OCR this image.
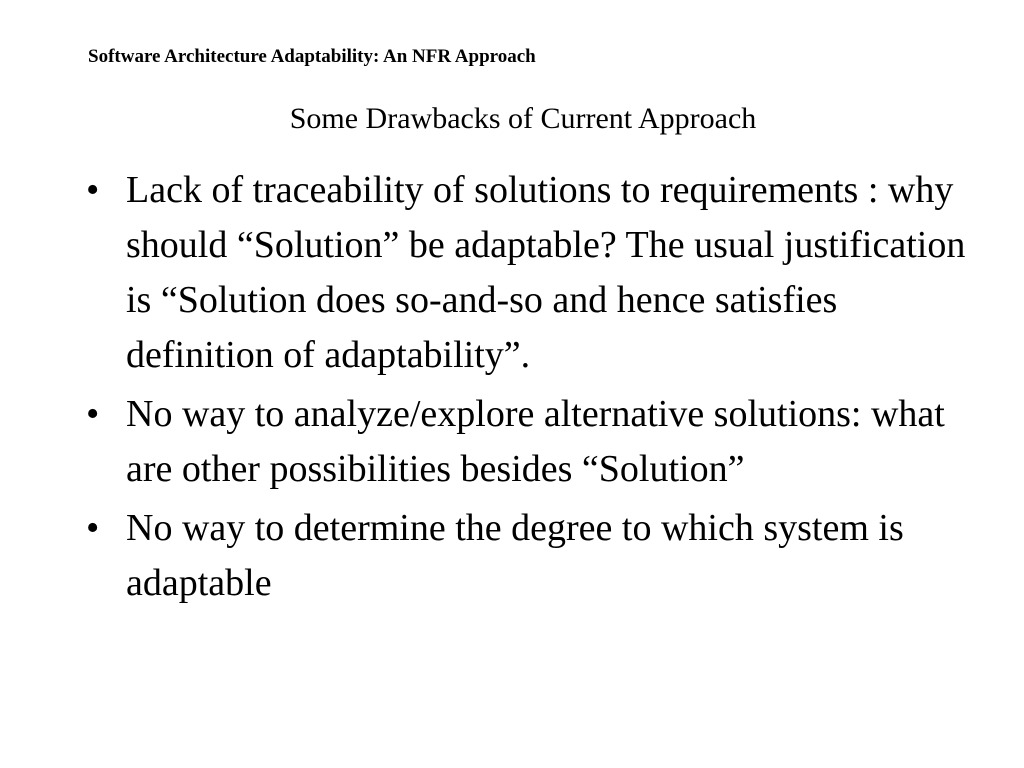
Software Architecture Adaptability: An NFR Approach
Some Drawbacks of Current Approach
• Lack of traceability of solutions to requirements : why should “Solution” be adaptable? The usual justification is “Solution does so-and-so and hence satisfies definition of adaptability”.
• No way to analyze/explore alternative solutions: what are other possibilities besides “Solution”
• No way to determine the degree to which system is adaptable
